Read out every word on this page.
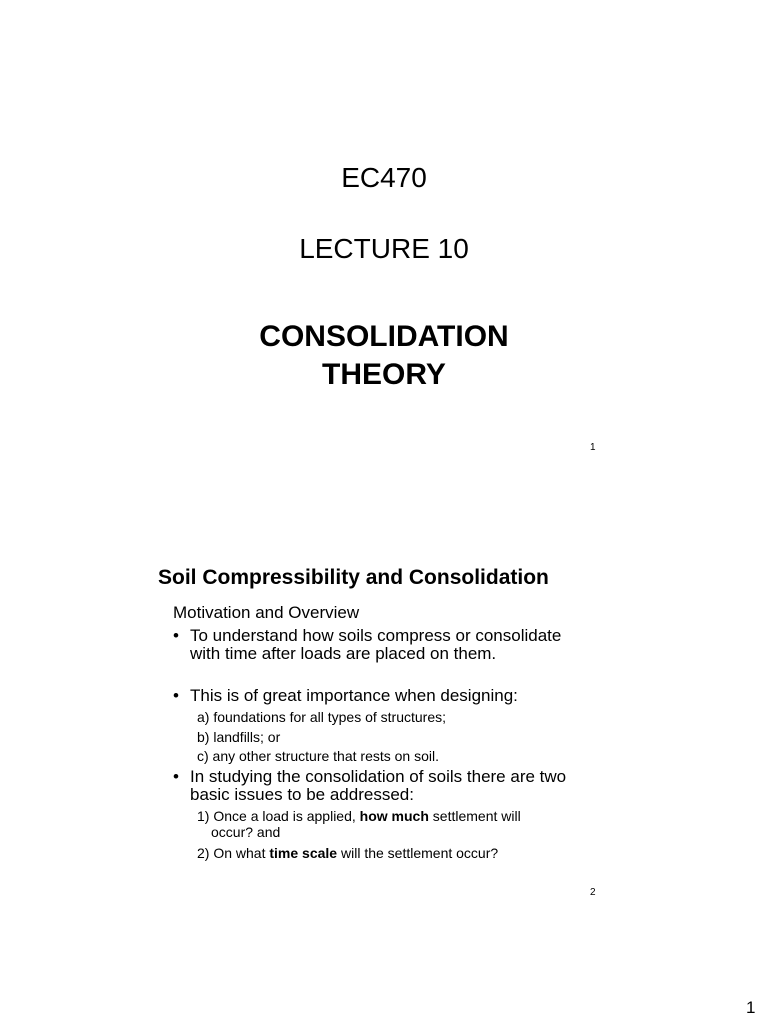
EC470
LECTURE 10
CONSOLIDATION
THEORY
1
Soil Compressibility and Consolidation
Motivation and Overview
• To understand how soils compress or consolidate with time after loads are placed on them.
• This is of great importance when designing:
a) foundations for all types of structures;
b) landfills; or
c) any other structure that rests on soil.
• In studying the consolidation of soils there are two basic issues to be addressed:
1) Once a load is applied, how much settlement will
occur? and
2) On what time scale will the settlement occur?
2
1
